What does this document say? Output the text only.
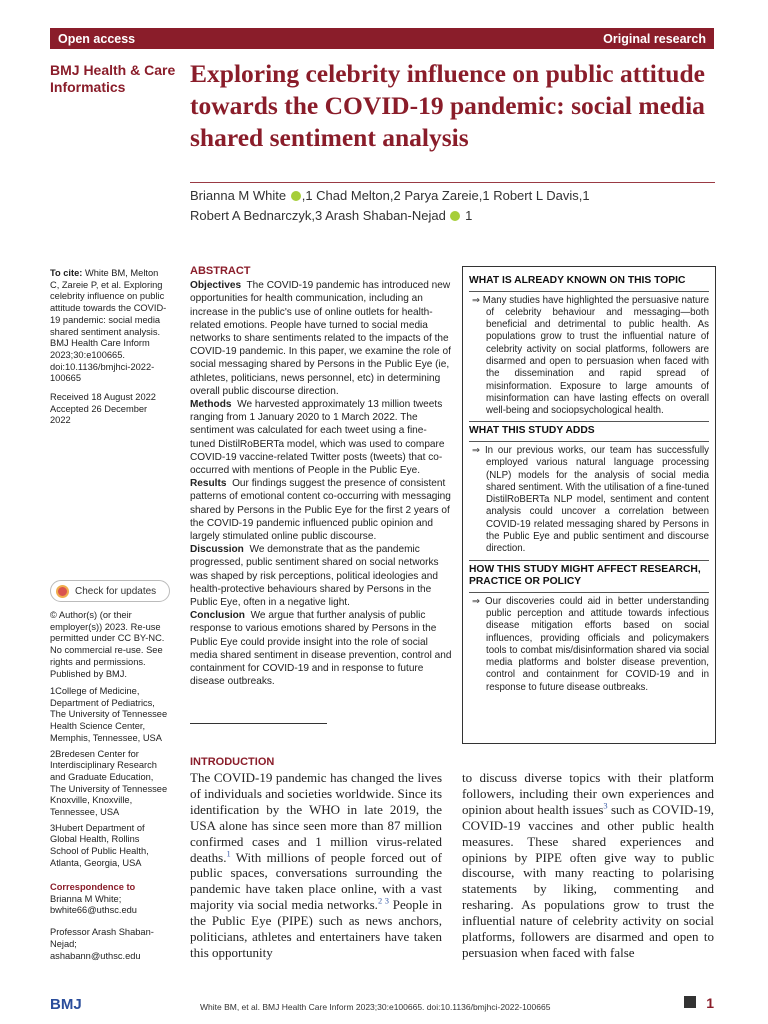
Open access	Original research
BMJ Health & Care Informatics	Exploring celebrity influence on public attitude towards the COVID-19 pandemic: social media shared sentiment analysis
Brianna M White ,1 Chad Melton,2 Parya Zareie,1 Robert L Davis,1
Robert A Bednarczyk,3 Arash Shaban-Nejad 1
To cite: White BM, Melton C, Zareie P, et al. Exploring celebrity influence on public attitude towards the COVID-19 pandemic: social media shared sentiment analysis. BMJ Health Care Inform 2023;30:e100665. doi:10.1136/bmjhci-2022-100665
Received 18 August 2022
Accepted 26 December 2022
Check for updates
© Author(s) (or their employer(s)) 2023. Re-use permitted under CC BY-NC. No commercial re-use. See rights and permissions. Published by BMJ.
1College of Medicine, Department of Pediatrics, The University of Tennessee Health Science Center, Memphis, Tennessee, USA
2Bredesen Center for Interdisciplinary Research and Graduate Education, The University of Tennessee Knoxville, Knoxville, Tennessee, USA
3Hubert Department of Global Health, Rollins School of Public Health, Atlanta, Georgia, USA
Correspondence to
Brianna M White; bwhite66@uthsc.edu
Professor Arash Shaban-Nejad; ashabann@uthsc.edu
ABSTRACT
Objectives The COVID-19 pandemic has introduced new opportunities for health communication, including an increase in the public's use of online outlets for health-related emotions. People have turned to social media networks to share sentiments related to the impacts of the COVID-19 pandemic. In this paper, we examine the role of social messaging shared by Persons in the Public Eye (ie, athletes, politicians, news personnel, etc) in determining overall public discourse direction.
Methods We harvested approximately 13 million tweets ranging from 1 January 2020 to 1 March 2022. The sentiment was calculated for each tweet using a fine-tuned DistilRoBERTa model, which was used to compare COVID-19 vaccine-related Twitter posts (tweets) that co-occurred with mentions of People in the Public Eye.
Results Our findings suggest the presence of consistent patterns of emotional content co-occurring with messaging shared by Persons in the Public Eye for the first 2 years of the COVID-19 pandemic influenced public opinion and largely stimulated online public discourse.
Discussion We demonstrate that as the pandemic progressed, public sentiment shared on social networks was shaped by risk perceptions, political ideologies and health-protective behaviours shared by Persons in the Public Eye, often in a negative light.
Conclusion We argue that further analysis of public response to various emotions shared by Persons in the Public Eye could provide insight into the role of social media shared sentiment in disease prevention, control and containment for COVID-19 and in response to future disease outbreaks.
WHAT IS ALREADY KNOWN ON THIS TOPIC

⇒ Many studies have highlighted the persuasive nature of celebrity behaviour and messaging—both beneficial and detrimental to public health. As populations grow to trust the influential nature of celebrity activity on social platforms, followers are disarmed and open to persuasion when faced with the dissemination and rapid spread of misinformation. Exposure to large amounts of misinformation can have lasting effects on overall well-being and sociopsychological health.

WHAT THIS STUDY ADDS

⇒ In our previous works, our team has successfully employed various natural language processing (NLP) models for the analysis of social media shared sentiment. With the utilisation of a fine-tuned DistilRoBERTa NLP model, sentiment and content analysis could uncover a correlation between COVID-19 related messaging shared by Persons in the Public Eye and public sentiment and discourse direction.

HOW THIS STUDY MIGHT AFFECT RESEARCH, PRACTICE OR POLICY

⇒ Our discoveries could aid in better understanding public perception and attitude towards infectious disease mitigation efforts based on social influences, providing officials and policymakers tools to combat mis/disinformation shared via social media platforms and bolster disease prevention, control and containment for COVID-19 and in response to future disease outbreaks.

INTRODUCTION
The COVID-19 pandemic has changed the lives of individuals and societies worldwide. Since its identification by the WHO in late 2019, the USA alone has since seen more than 87 million confirmed cases and 1 million virus-related deaths.$^1$ With millions of people forced out of public spaces, conversations surrounding the pandemic have taken place online, with a vast majority via social media networks.$^{2 3}$ People in the Public Eye (PIPE) such as news anchors, politicians, athletes and entertainers have taken this opportunity
to discuss diverse topics with their platform followers, including their own experiences and opinion about health issues$^3$ such as COVID-19, COVID-19 vaccines and other public health measures. These shared experiences and opinions by PIPE often give way to public discourse, with many reacting to polarising statements by liking, commenting and resharing. As populations grow to trust the influential nature of celebrity activity on social platforms, followers are disarmed and open to persuasion when faced with false
BMJ	White BM, et al. BMJ Health Care Inform 2023;30:e100665. doi:10.1136/bmjhci-2022-100665	1
